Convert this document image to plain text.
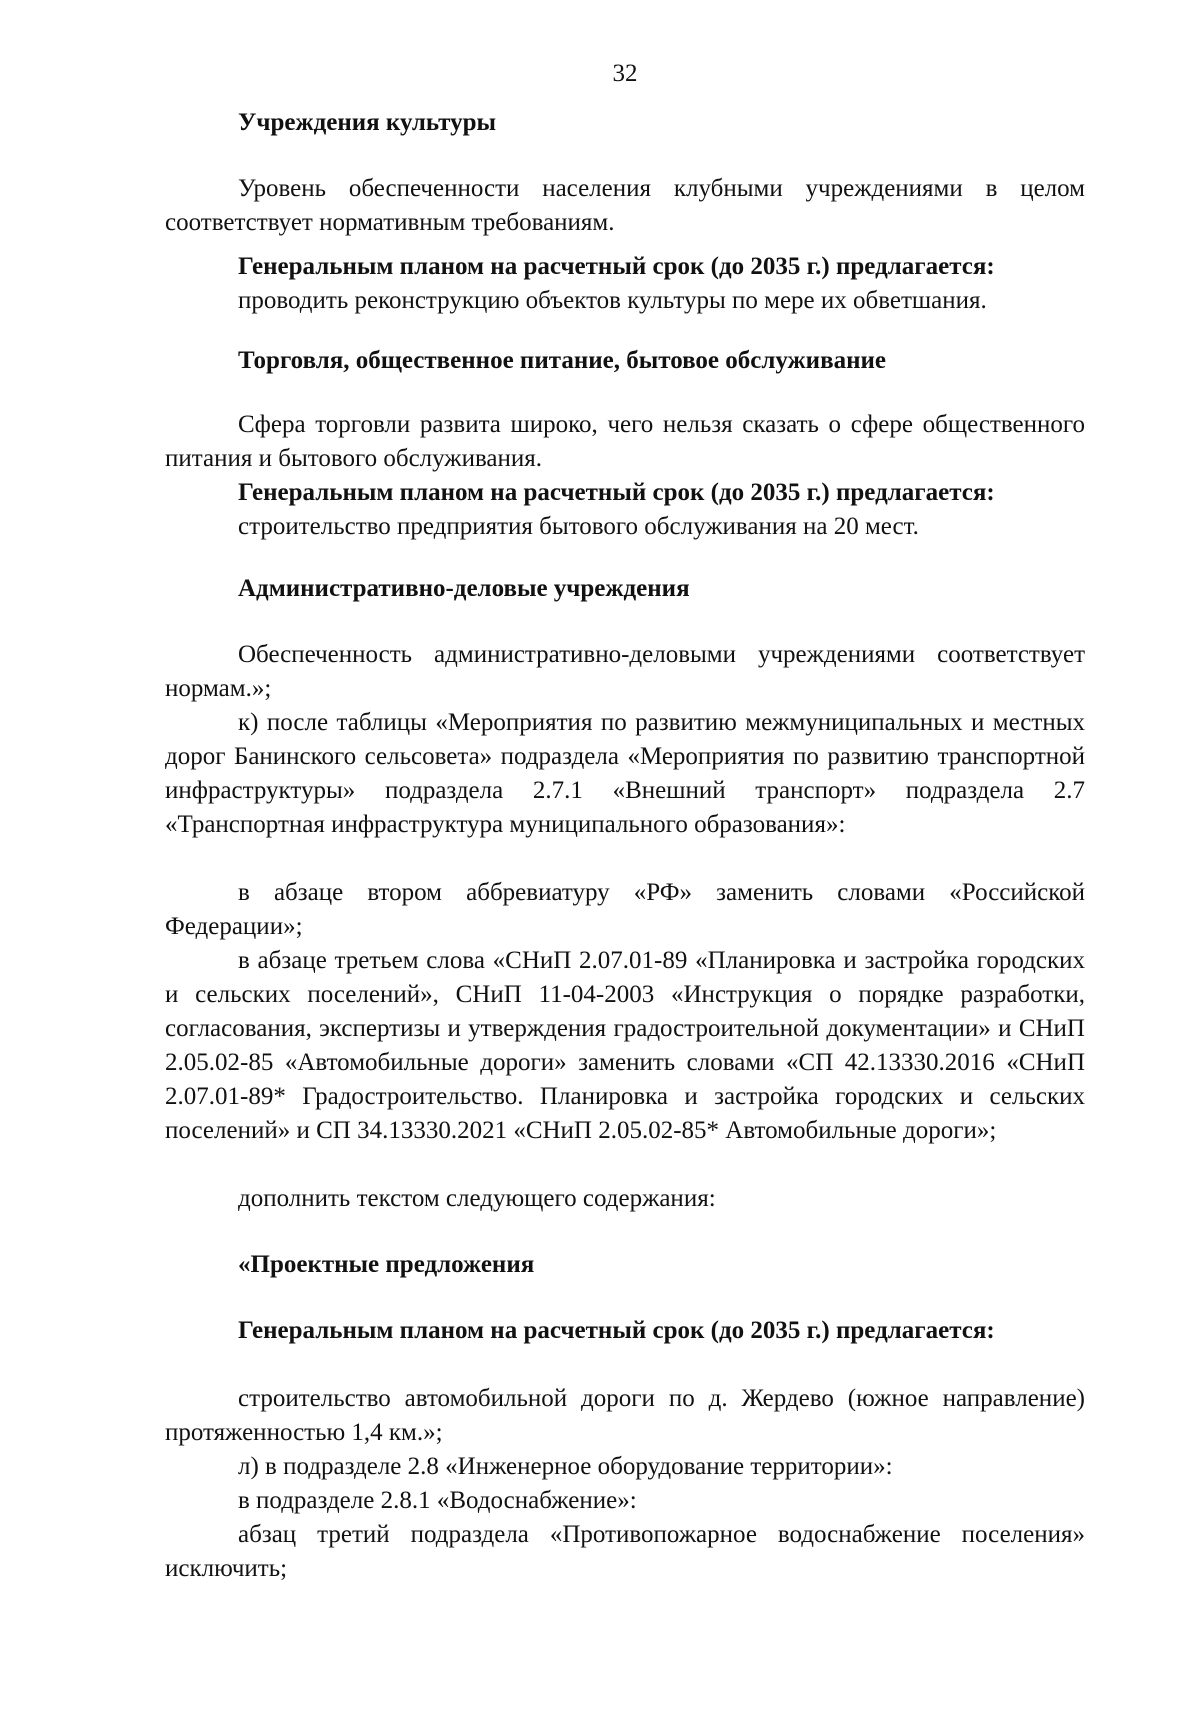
32
Учреждения культуры
Уровень обеспеченности населения клубными учреждениями в целом соответствует нормативным требованиям.
Генеральным планом на расчетный срок (до 2035 г.) предлагается:
проводить реконструкцию объектов культуры по мере их обветшания.
Торговля, общественное питание, бытовое обслуживание
Сфера торговли развита широко, чего нельзя сказать о сфере общественного питания и бытового обслуживания.
Генеральным планом на расчетный срок (до 2035 г.) предлагается:
строительство предприятия бытового обслуживания на 20 мест.
Административно-деловые учреждения
Обеспеченность административно-деловыми учреждениями соответствует нормам.»;
к) после таблицы «Мероприятия по развитию межмуниципальных и местных дорог Банинского сельсовета» подраздела «Мероприятия по развитию транспортной инфраструктуры» подраздела 2.7.1 «Внешний транспорт» подраздела 2.7 «Транспортная инфраструктура муниципального образования»:
в абзаце втором аббревиатуру «РФ» заменить словами «Российской Федерации»;
в абзаце третьем слова «СНиП 2.07.01-89 «Планировка и застройка городских и сельских поселений», СНиП 11-04-2003 «Инструкция о порядке разработки, согласования, экспертизы и утверждения градостроительной документации» и СНиП 2.05.02-85 «Автомобильные дороги» заменить словами «СП 42.13330.2016 «СНиП 2.07.01-89* Градостроительство. Планировка и застройка городских и сельских поселений» и СП 34.13330.2021 «СНиП 2.05.02-85* Автомобильные дороги»;
дополнить текстом следующего содержания:
«Проектные предложения
Генеральным планом на расчетный срок (до 2035 г.) предлагается:
строительство автомобильной дороги по д. Жердево (южное направление) протяженностью 1,4 км.»;
л) в подразделе 2.8 «Инженерное оборудование территории»:
в подразделе 2.8.1 «Водоснабжение»:
абзац третий подраздела «Противопожарное водоснабжение поселения» исключить;
